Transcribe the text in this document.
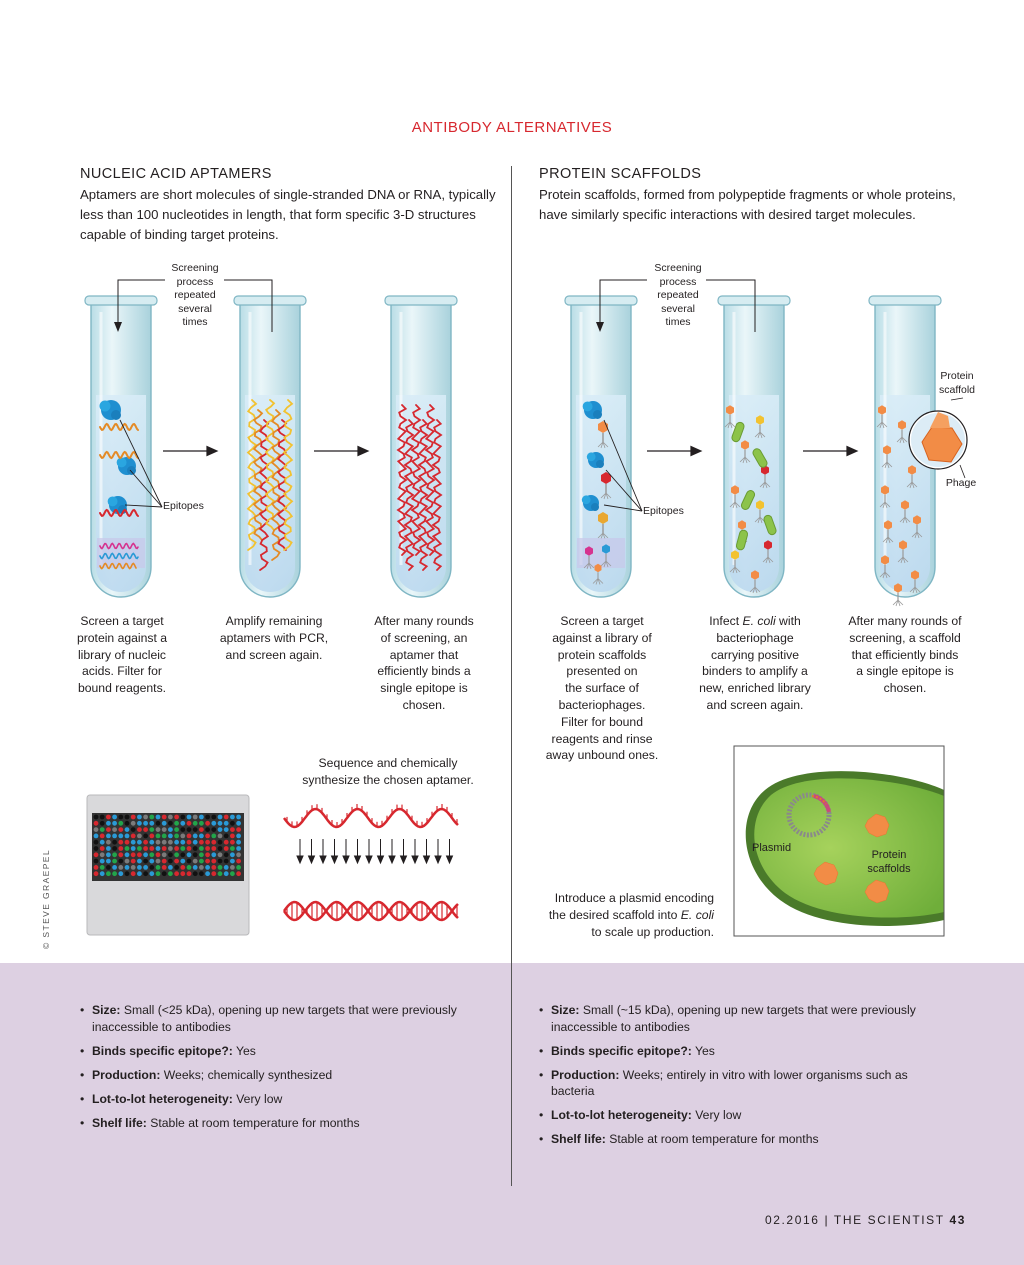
ANTIBODY ALTERNATIVES
NUCLEIC ACID APTAMERS
Aptamers are short molecules of single-stranded DNA or RNA, typically less than 100 nucleotides in length, that form specific 3-D structures capable of binding target proteins.
PROTEIN SCAFFOLDS
Protein scaffolds, formed from polypeptide fragments or whole proteins, have similarly specific interactions with desired target molecules.
Screening
process
repeated
several
times
Screening
process
repeated
several
times
Epitopes	Epitopes
Protein
scaffold
Phage
Screen a target
protein against a
library of nucleic
acids. Filter for
bound reagents.
Amplify remaining
aptamers with PCR,
and screen again.
After many rounds
of screening, an
aptamer that
efficiently binds a
single epitope is
chosen.
Screen a target
against a library of
protein scaffolds
presented on
the surface of
bacteriophages.
Filter for bound
reagents and rinse
away unbound ones.
Infect E. coli with
bacteriophage
carrying positive
binders to amplify a
new, enriched library
and screen again.
After many rounds of
screening, a scaffold
that efficiently binds
a single epitope is
chosen.
Sequence and chemically
synthesize the chosen aptamer.
Plasmid
Protein
scaffolds
Introduce a plasmid encoding
the desired scaffold into E. coli
to scale up production.
© STEVE GRAEPEL
• Size: Small (<25 kDa), opening up new targets that were previously inaccessible to antibodies
• Binds specific epitope?: Yes
• Production: Weeks; chemically synthesized
• Lot-to-lot heterogeneity: Very low
• Shelf life: Stable at room temperature for months
• Size: Small (~15 kDa), opening up new targets that were previously inaccessible to antibodies
• Binds specific epitope?: Yes
• Production: Weeks; entirely in vitro with lower organisms such as bacteria
• Lot-to-lot heterogeneity: Very low
• Shelf life: Stable at room temperature for months
02.2016 | THE SCIENTIST 43
